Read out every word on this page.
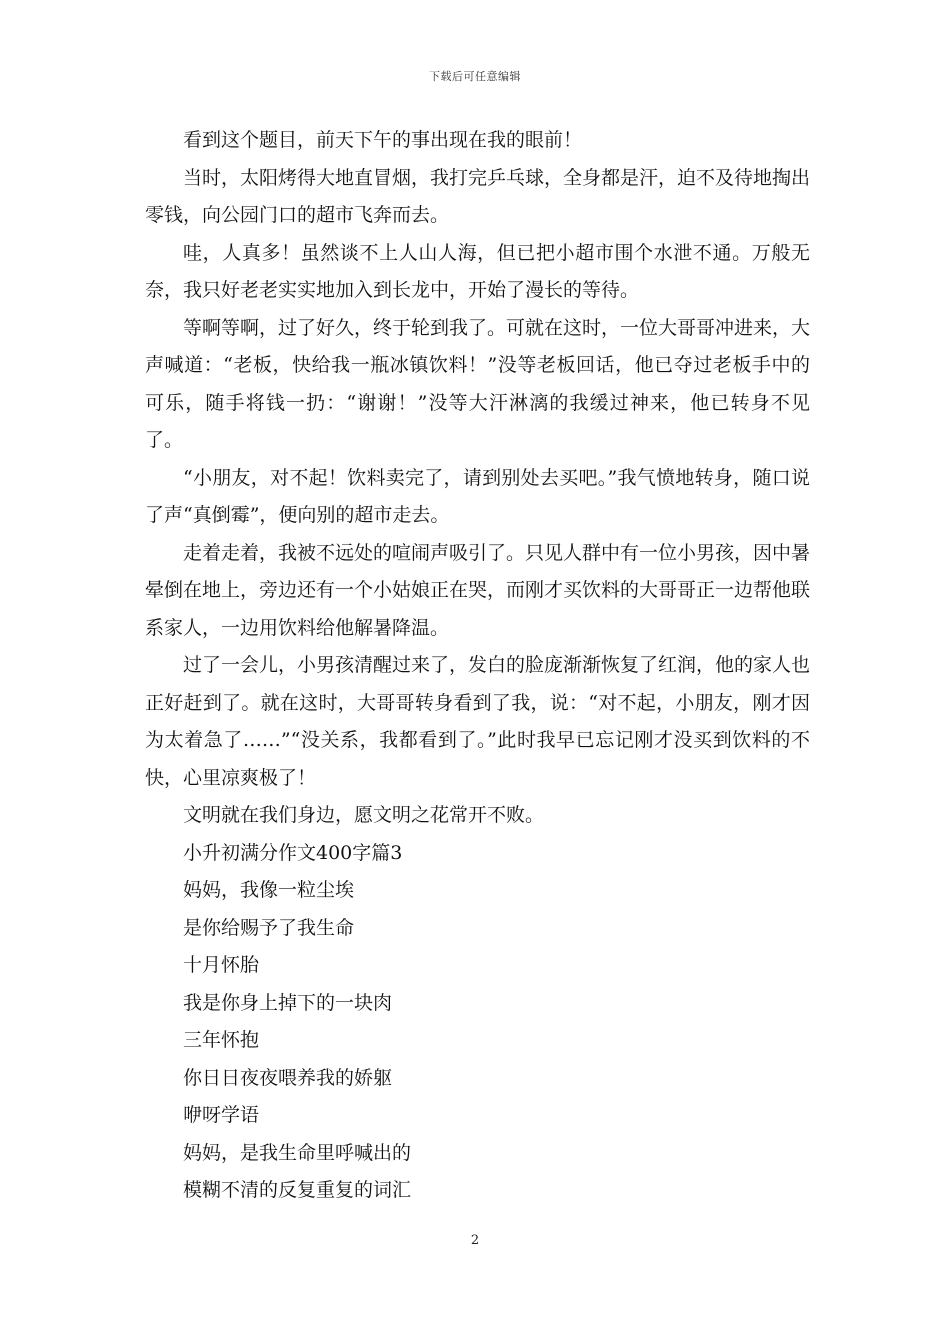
下载后可任意编辑

看到这个题目，前天下午的事出现在我的眼前！

当时，太阳烤得大地直冒烟，我打完乒乓球，全身都是汗，迫不及待地掏出零钱，向公园门口的超市飞奔而去。

哇，人真多！虽然谈不上人山人海，但已把小超市围个水泄不通。万般无奈，我只好老老实实地加入到长龙中，开始了漫长的等待。

等啊等啊，过了好久，终于轮到我了。可就在这时，一位大哥哥冲进来，大声喊道：“老板，快给我一瓶冰镇饮料！”没等老板回话，他已夺过老板手中的可乐，随手将钱一扔：“谢谢！”没等大汗淋漓的我缓过神来，他已转身不见了。

“小朋友，对不起！饮料卖完了，请到别处去买吧。”我气愤地转身，随口说了声“真倒霉”，便向别的超市走去。

走着走着，我被不远处的喧闹声吸引了。只见人群中有一位小男孩，因中暑晕倒在地上，旁边还有一个小姑娘正在哭，而刚才买饮料的大哥哥正一边帮他联系家人，一边用饮料给他解暑降温。

过了一会儿，小男孩清醒过来了，发白的脸庞渐渐恢复了红润，他的家人也正好赶到了。就在这时，大哥哥转身看到了我，说：“对不起，小朋友，刚才因为太着急了……”“没关系，我都看到了。”此时我早已忘记刚才没买到饮料的不快，心里凉爽极了！

文明就在我们身边，愿文明之花常开不败。

小升初满分作文400字篇3

妈妈，我像一粒尘埃

是你给赐予了我生命

十月怀胎

我是你身上掉下的一块肉

三年怀抱

你日日夜夜喂养我的娇躯

咿呀学语

妈妈，是我生命里呼喊出的

模糊不清的反复重复的词汇

2
